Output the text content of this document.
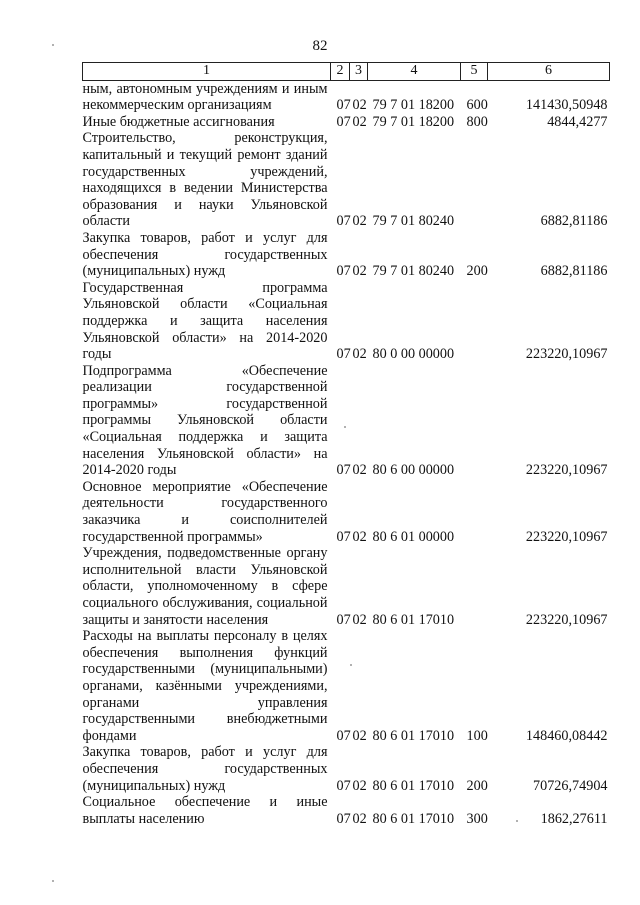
82
1	2	3	4	5	6
ным, автономным учреждениям и иным некоммерческим организациям	07	02	79 7 01 18200	600	141430,50948
Иные бюджетные ассигнования	07	02	79 7 01 18200	800	4844,4277
Строительство, реконструкция, капитальный и текущий ремонт зданий государственных учреждений, находящихся в ведении Министерства образования и науки Ульяновской области	07	02	79 7 01 80240		6882,81186
Закупка товаров, работ и услуг для обеспечения государственных (муниципальных) нужд	07	02	79 7 01 80240	200	6882,81186
Государственная программа Ульяновской области «Социальная поддержка и защита населения Ульяновской области» на 2014-2020 годы	07	02	80 0 00 00000		223220,10967
Подпрограмма «Обеспечение реализации государственной программы» государственной программы Ульяновской области «Социальная поддержка и защита населения Ульяновской области» на 2014-2020 годы	07	02	80 6 00 00000		223220,10967
Основное мероприятие «Обеспечение деятельности государственного заказчика и соисполнителей государственной программы»	07	02	80 6 01 00000		223220,10967
Учреждения, подведомственные органу исполнительной власти Ульяновской области, уполномоченному в сфере социального обслуживания, социальной защиты и занятости населения	07	02	80 6 01 17010		223220,10967
Расходы на выплаты персоналу в целях обеспечения выполнения функций государственными (муниципальными) органами, казёнными учреждениями, органами управления государственными внебюджетными фондами	07	02	80 6 01 17010	100	148460,08442
Закупка товаров, работ и услуг для обеспечения государственных (муниципальных) нужд	07	02	80 6 01 17010	200	70726,74904
Социальное обеспечение и иные выплаты населению	07	02	80 6 01 17010	300	1862,27611
